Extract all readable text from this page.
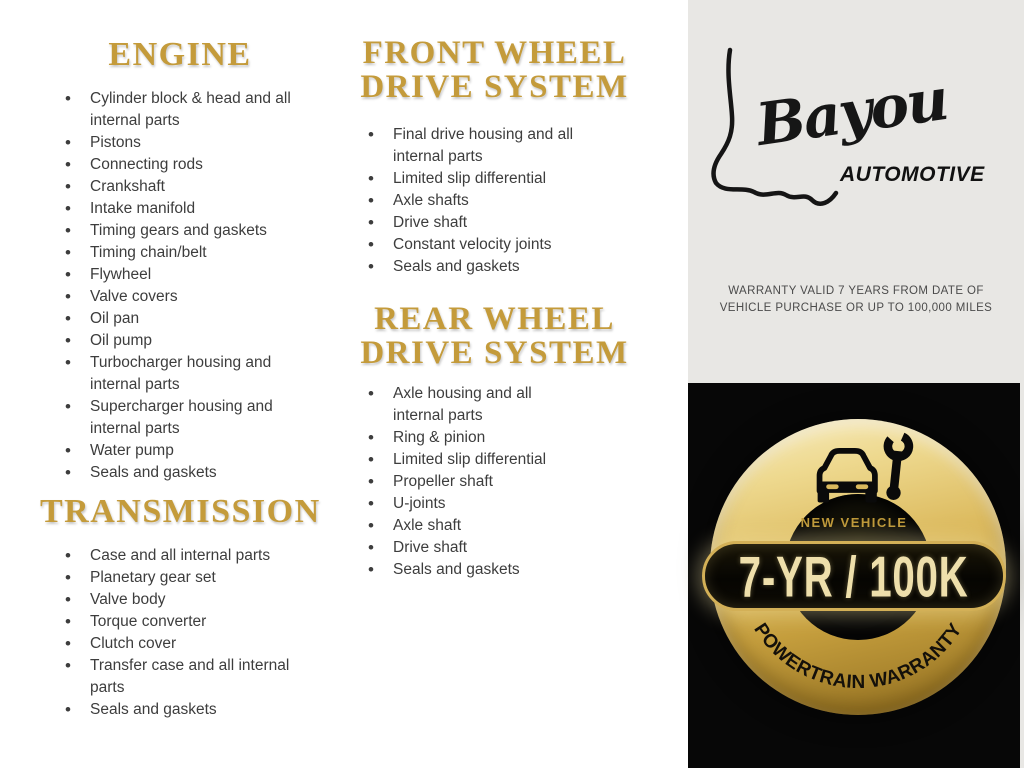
ENGINE
• Cylinder block & head and all internal parts
• Pistons
• Connecting rods
• Crankshaft
• Intake manifold
• Timing gears and gaskets
• Timing chain/belt
• Flywheel
• Valve covers
• Oil pan
• Oil pump
• Turbocharger housing and internal parts
• Supercharger housing and internal parts
• Water pump
• Seals and gaskets
TRANSMISSION
• Case and all internal parts
• Planetary gear set
• Valve body
• Torque converter
• Clutch cover
• Transfer case and all internal parts
• Seals and gaskets
FRONT WHEEL
DRIVE SYSTEM
• Final drive housing and all internal parts
• Limited slip differential
• Axle shafts
• Drive shaft
• Constant velocity joints
• Seals and gaskets
REAR WHEEL
DRIVE SYSTEM
• Axle housing and all internal parts
• Ring & pinion
• Limited slip differential
• Propeller shaft
• U-joints
• Axle shaft
• Drive shaft
• Seals and gaskets
Bayou
AUTOMOTIVE
WARRANTY VALID 7 YEARS FROM DATE OF
VEHICLE PURCHASE OR UP TO 100,000 MILES
NEW VEHICLE
7-YR / 100K
POWERTRAIN WARRANTY
